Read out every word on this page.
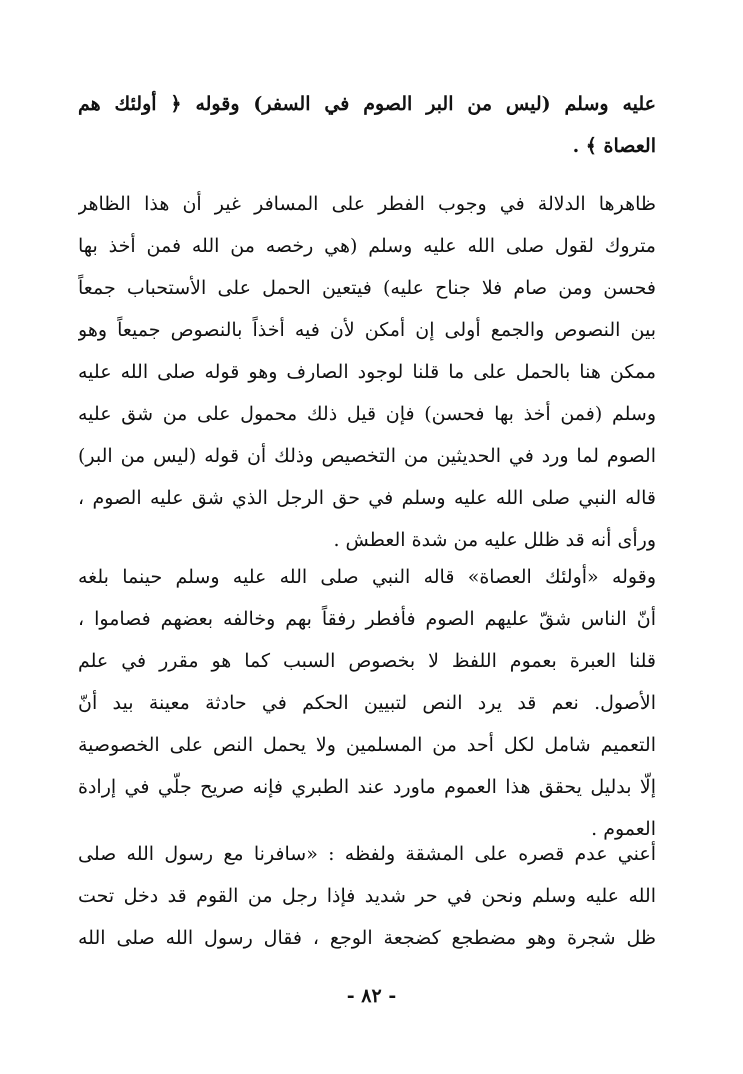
عليه وسلم (ليس من البر الصوم في السفر) وقوله ﴿ أولئك هم
العصاة ﴾ .
ظاهرها الدلالة في وجوب الفطر على المسافر غير أن هذا الظاهر
متروك لقول صلى الله عليه وسلم (هي رخصه من الله فمن أخذ بها
فحسن ومن صام فلا جناح عليه) فيتعين الحمل على الأستحباب جمعاً
بين النصوص والجمع أولى إن أمكن لأن فيه أخذاً بالنصوص جميعاً وهو
ممكن هنا بالحمل على ما قلنا لوجود الصارف وهو قوله صلى الله عليه
وسلم (فمن أخذ بها فحسن) فإن قيل ذلك محمول على من شق عليه
الصوم لما ورد في الحديثين من التخصيص وذلك أن قوله (ليس من البر)
قاله النبي صلى الله عليه وسلم في حق الرجل الذي شق عليه الصوم ،
ورأى أنه قد ظلل عليه من شدة العطش .
وقوله «أولئك العصاة» قاله النبي صلى الله عليه وسلم حينما بلغه
أنّ الناس شقّ عليهم الصوم فأفطر رفقاً بهم وخالفه بعضهم فصاموا ،
قلنا العبرة بعموم اللفظ لا بخصوص السبب كما هو مقرر في علم
الأصول. نعم قد يرد النص لتبيين الحكم في حادثة معينة بيد أنّ
التعميم شامل لكل أحد من المسلمين ولا يحمل النص على الخصوصية
إلّا بدليل يحقق هذا العموم ماورد عند الطبري فإنه صريح جلّي في إرادة
العموم .
أعني عدم قصره على المشقة ولفظه : «سافرنا مع رسول الله صلى
الله عليه وسلم ونحن في حر شديد فإذا رجل من القوم قد دخل تحت
ظل شجرة وهو مضطجع كضجعة الوجع ، فقال رسول الله صلى الله
- ٨٢ -
